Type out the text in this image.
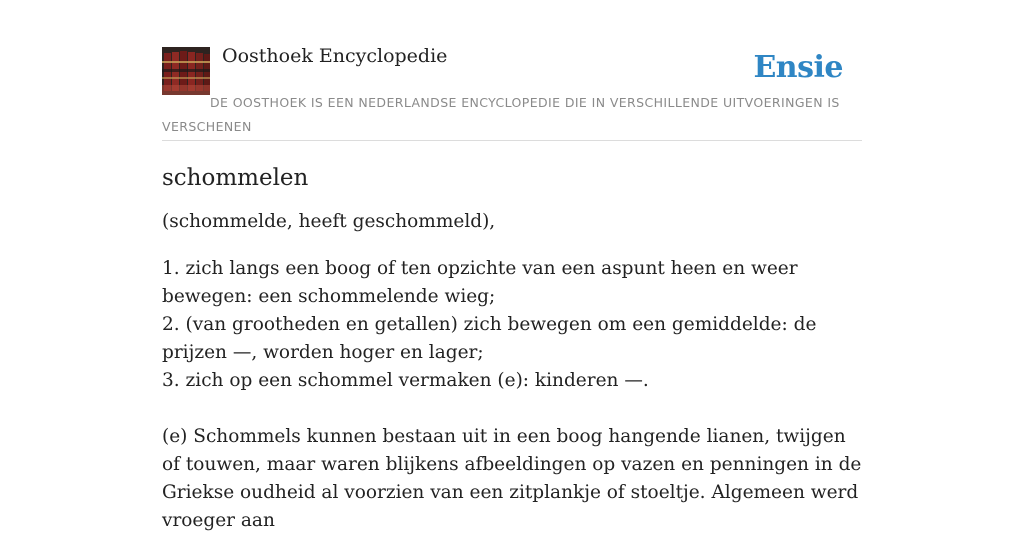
Oosthoek Encyclopedie	Ensie
DE OOSTHOEK IS EEN NEDERLANDSE ENCYCLOPEDIE DIE IN VERSCHILLENDE UITVOERINGEN IS VERSCHENEN
schommelen

(schommelde, heeft geschommeld),

1. zich langs een boog of ten opzichte van een aspunt heen en weer bewegen: een schommelende wieg;
2. (van grootheden en getallen) zich bewegen om een gemiddelde: de prijzen —, worden hoger en lager;
3. zich op een schommel vermaken (e): kinderen —.
(e) Schommels kunnen bestaan uit in een boog hangende lianen, twijgen of touwen, maar waren blijkens afbeeldingen op vazen en penningen in de Griekse oudheid al voorzien van een zitplankje of stoeltje. Algemeen werd vroeger aan
